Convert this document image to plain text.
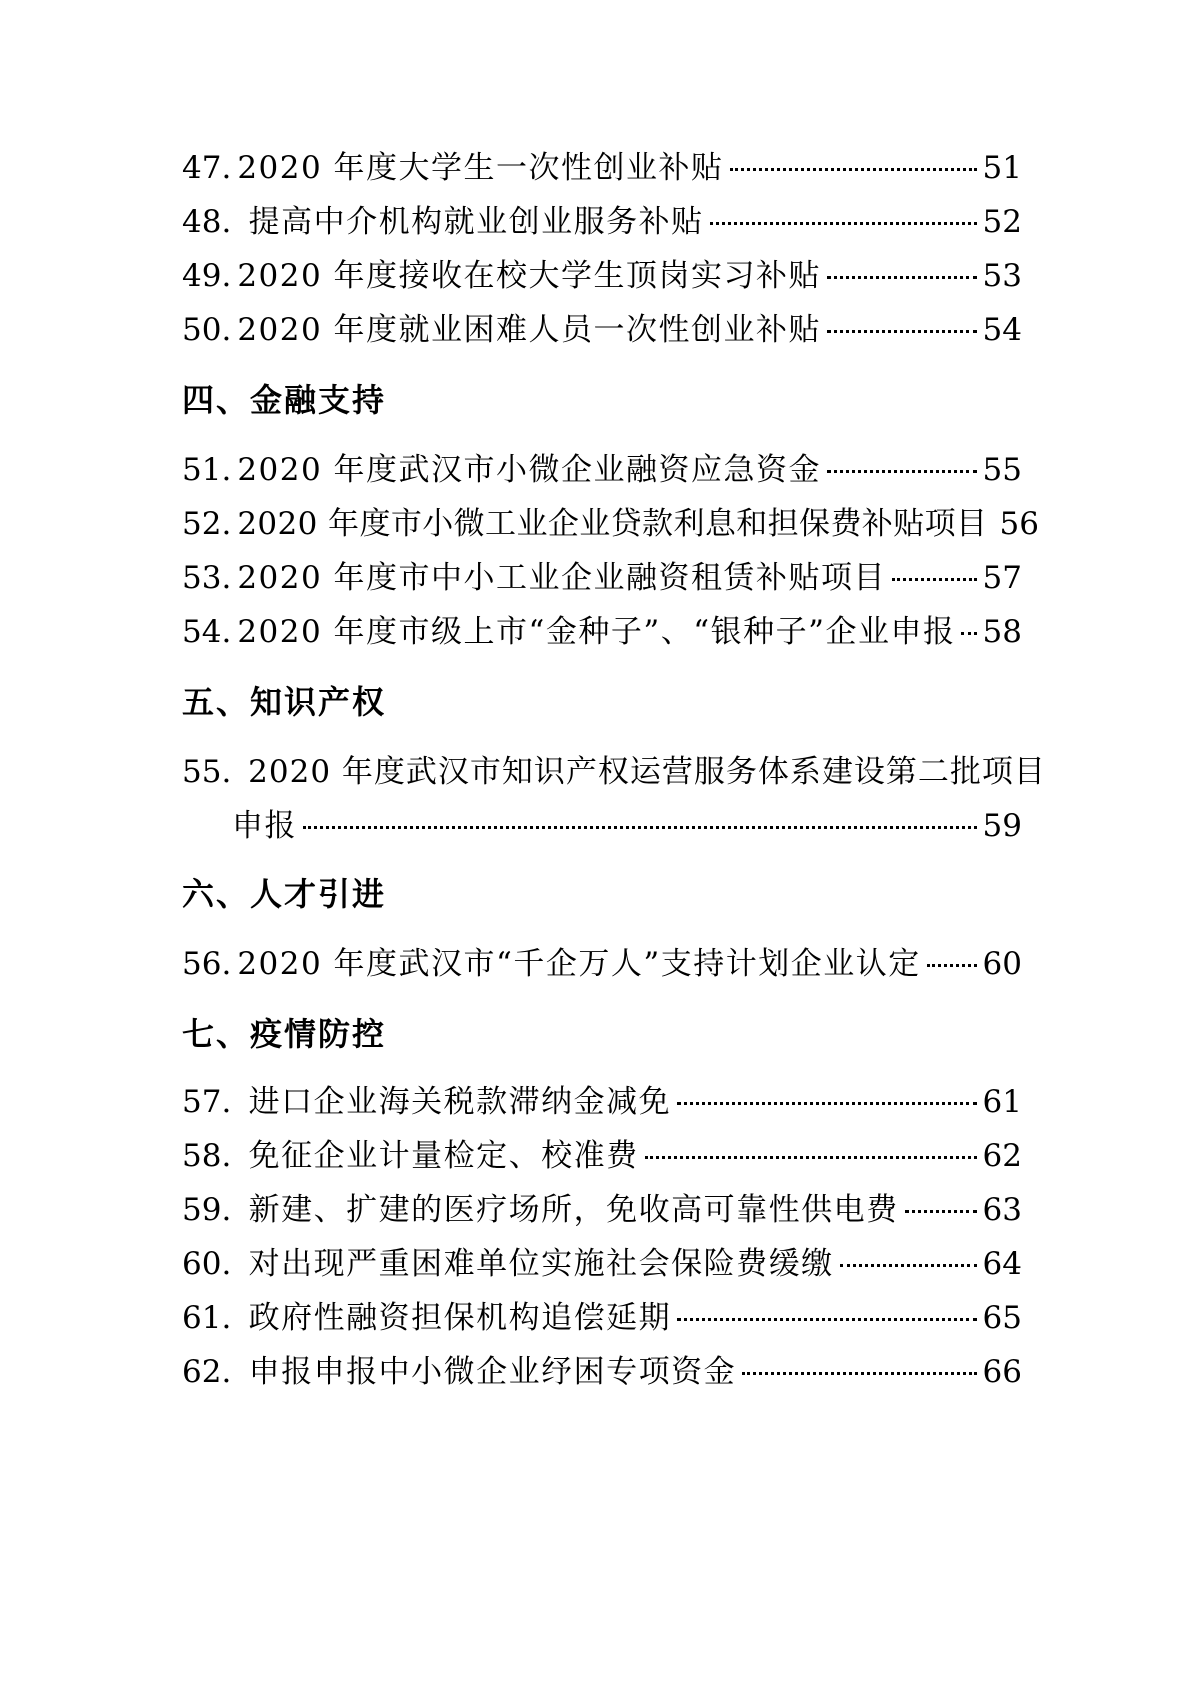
47. 2020 年度大学生一次性创业补贴	51
48. 提高中介机构就业创业服务补贴	52
49. 2020 年度接收在校大学生顶岗实习补贴	53
50. 2020 年度就业困难人员一次性创业补贴	54
四、金融支持
51. 2020 年度武汉市小微企业融资应急资金	55
52. 2020 年度市小微工业企业贷款利息和担保费补贴项目 56
53. 2020 年度市中小工业企业融资租赁补贴项目	57
54. 2020 年度市级上市“金种子”、“银种子”企业申报 58
五、知识产权
55. 2020 年度武汉市知识产权运营服务体系建设第二批项目
申报	59
六、人才引进
56. 2020 年度武汉市“千企万人”支持计划企业认定 60
七、疫情防控
57. 进口企业海关税款滞纳金减免	61
58. 免征企业计量检定、校准费	62
59. 新建、扩建的医疗场所，免收高可靠性供电费	63
60. 对出现严重困难单位实施社会保险费缓缴	64
61. 政府性融资担保机构追偿延期	65
62. 申报申报中小微企业纾困专项资金	66
